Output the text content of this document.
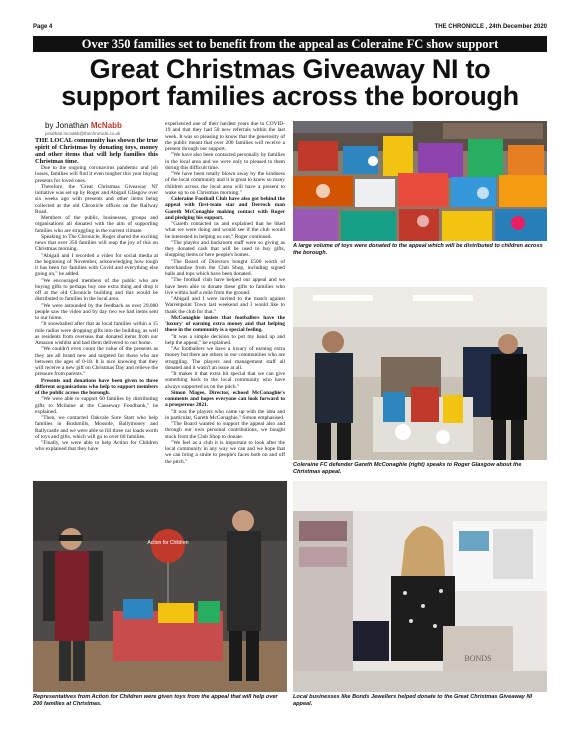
Page 4	THE CHRONICLE , 24th December 2020
Over 350 families set to benefit from the appeal as Coleraine FC show support
Great Christmas Giveaway NI to
support families across the borough
by Jonathan McNabb
jonathan.mcnabb@thechronicle.co.uk

THE LOCAL community has shown the true spirit of Christmas by donating toys, money and other items that will help families this Christmas time.

Due to the ongoing coronavirus pandemic and job losses, families will find it even tougher this year buying presents for loved ones.

Therefore, the 'Great Christmas Giveaway NI' initiative was set up by Roger and Abigail Glasgow over six weeks ago with presents and other items being collected at the old Chronicle offices on the Railway Road.

Members of the public, businesses, groups and organisations all donated with the aim of supporting families who are struggling in the current climate.

Speaking to The Chronicle, Roger shared the exciting news that over 350 families will reap the joy of this on Christmas morning.

"Abigail and I recorded a video for social media at the beginning of November, acknowledging how tough it has been for families with Covid and everything else going on," he added.

"We encouraged members of the public who are buying gifts to perhaps buy one extra thing and drop it off at the old Chronicle building and this would be distributed to families in the local area.

"We were astounded by the feedback as over 29,000 people saw the video and by day two we had items sent to our home.

"It snowballed after that as local families within a 15 mile radius were dropping gifts into the building, as well as residents from overseas that donated items from our Amazon wishlist and had them delivered to our home.

"We couldn't even count the value of the presents as they are all brand new and targeted for those who are between the ages of 0-18. It is nice knowing that they will receive a new gift on Christmas Day and relieve the pressure from parents."

Presents and donations have been given to three different organisations who help to support members of the public across the borough.

"We were able to support 60 families by distributing gifts to Mcilaine at the Causeway Foodbank," he explained.

"Then, we contacted Oakvale Sure Start who help families in Bushmills, Mosside, Ballymoney and Ballycastle and we were able to fill three car loads worth of toys and gifts, which will go to over 60 families.

"Finally, we were able to help Action for Children who explained that they have

experienced one of their hardest years due to COVID-19 and that they had 50 new referrals within the last week. It was so pleasing to know that the generosity of the public meant that over 200 families will receive a present through our support.

"We have also been contacted personally by families in the local area and we were only to pleased to them during this difficult time.

"We have been totally blown away by the kindness of the local community and it is great to know so many children across the local area will have a present to wake up to on Christmas morning."

Coleraine Football Club have also got behind the appeal with first-team star and Derrock man Gareth McConaghie making contact with Roger and pledging his support.

"Gareth contacted us and explained that he liked what we were doing and would see if the club would be interested in helping us out," Roger continued.

"The players and backroom staff were so giving as they donated cash that will be used to buy gifts, shopping items or here people's homes.

"The Board of Directors bought £500 worth of merchandise from the Club Shop, including signed balls and tops which have been donated.

"The football club have helped our appeal and we have been able to donate these gifts to families who live within half a mile from the ground.

"Abigail and I were invited to the match against Warrenpoint Town last weekend and I would like to thank the club for that."

McConaghie insists that footballers have the 'luxury' of earning extra money and that helping those in the community is a special feeling.

"It was a simple decision to put my hand up and help the appeal," he explained.

"As footballers we have a luxury of earning extra money but there are others in our communities who are struggling. The players and management staff all donated and it wasn't an issue at all.

"It makes it that extra bit special that we can give something back to the local community who have always supported us on the pitch."

Simon Magee, Director, echoed McConaghie's comments and hopes everyone can look forward to a prosperous 2021.

"It was the players who came up with the idea and in particular, Gareth McConaghie," Simon emphasised.

"The Board wanted to support the appeal also and through our own personal contributions, we bought stock from the Club Shop to donate.

"We feel as a club it is important to look after the local community in any way we can and we hope that we can bring a smile to people's faces both on and off the pitch."

A large volume of toys were donated to the appeal which will be distributed to children across the borough.
Coleraine FC defender Gareth McConaghie (right) speaks to Roger Glasgow about the Christmas appeal.
Action for Children
Representatives from Action for Children were given toys from the appeal that will help over 200 families at Christmas.
BONDS
Local businesses like Bonds Jewellers helped donate to the Great Christmas Giveaway NI appeal.
